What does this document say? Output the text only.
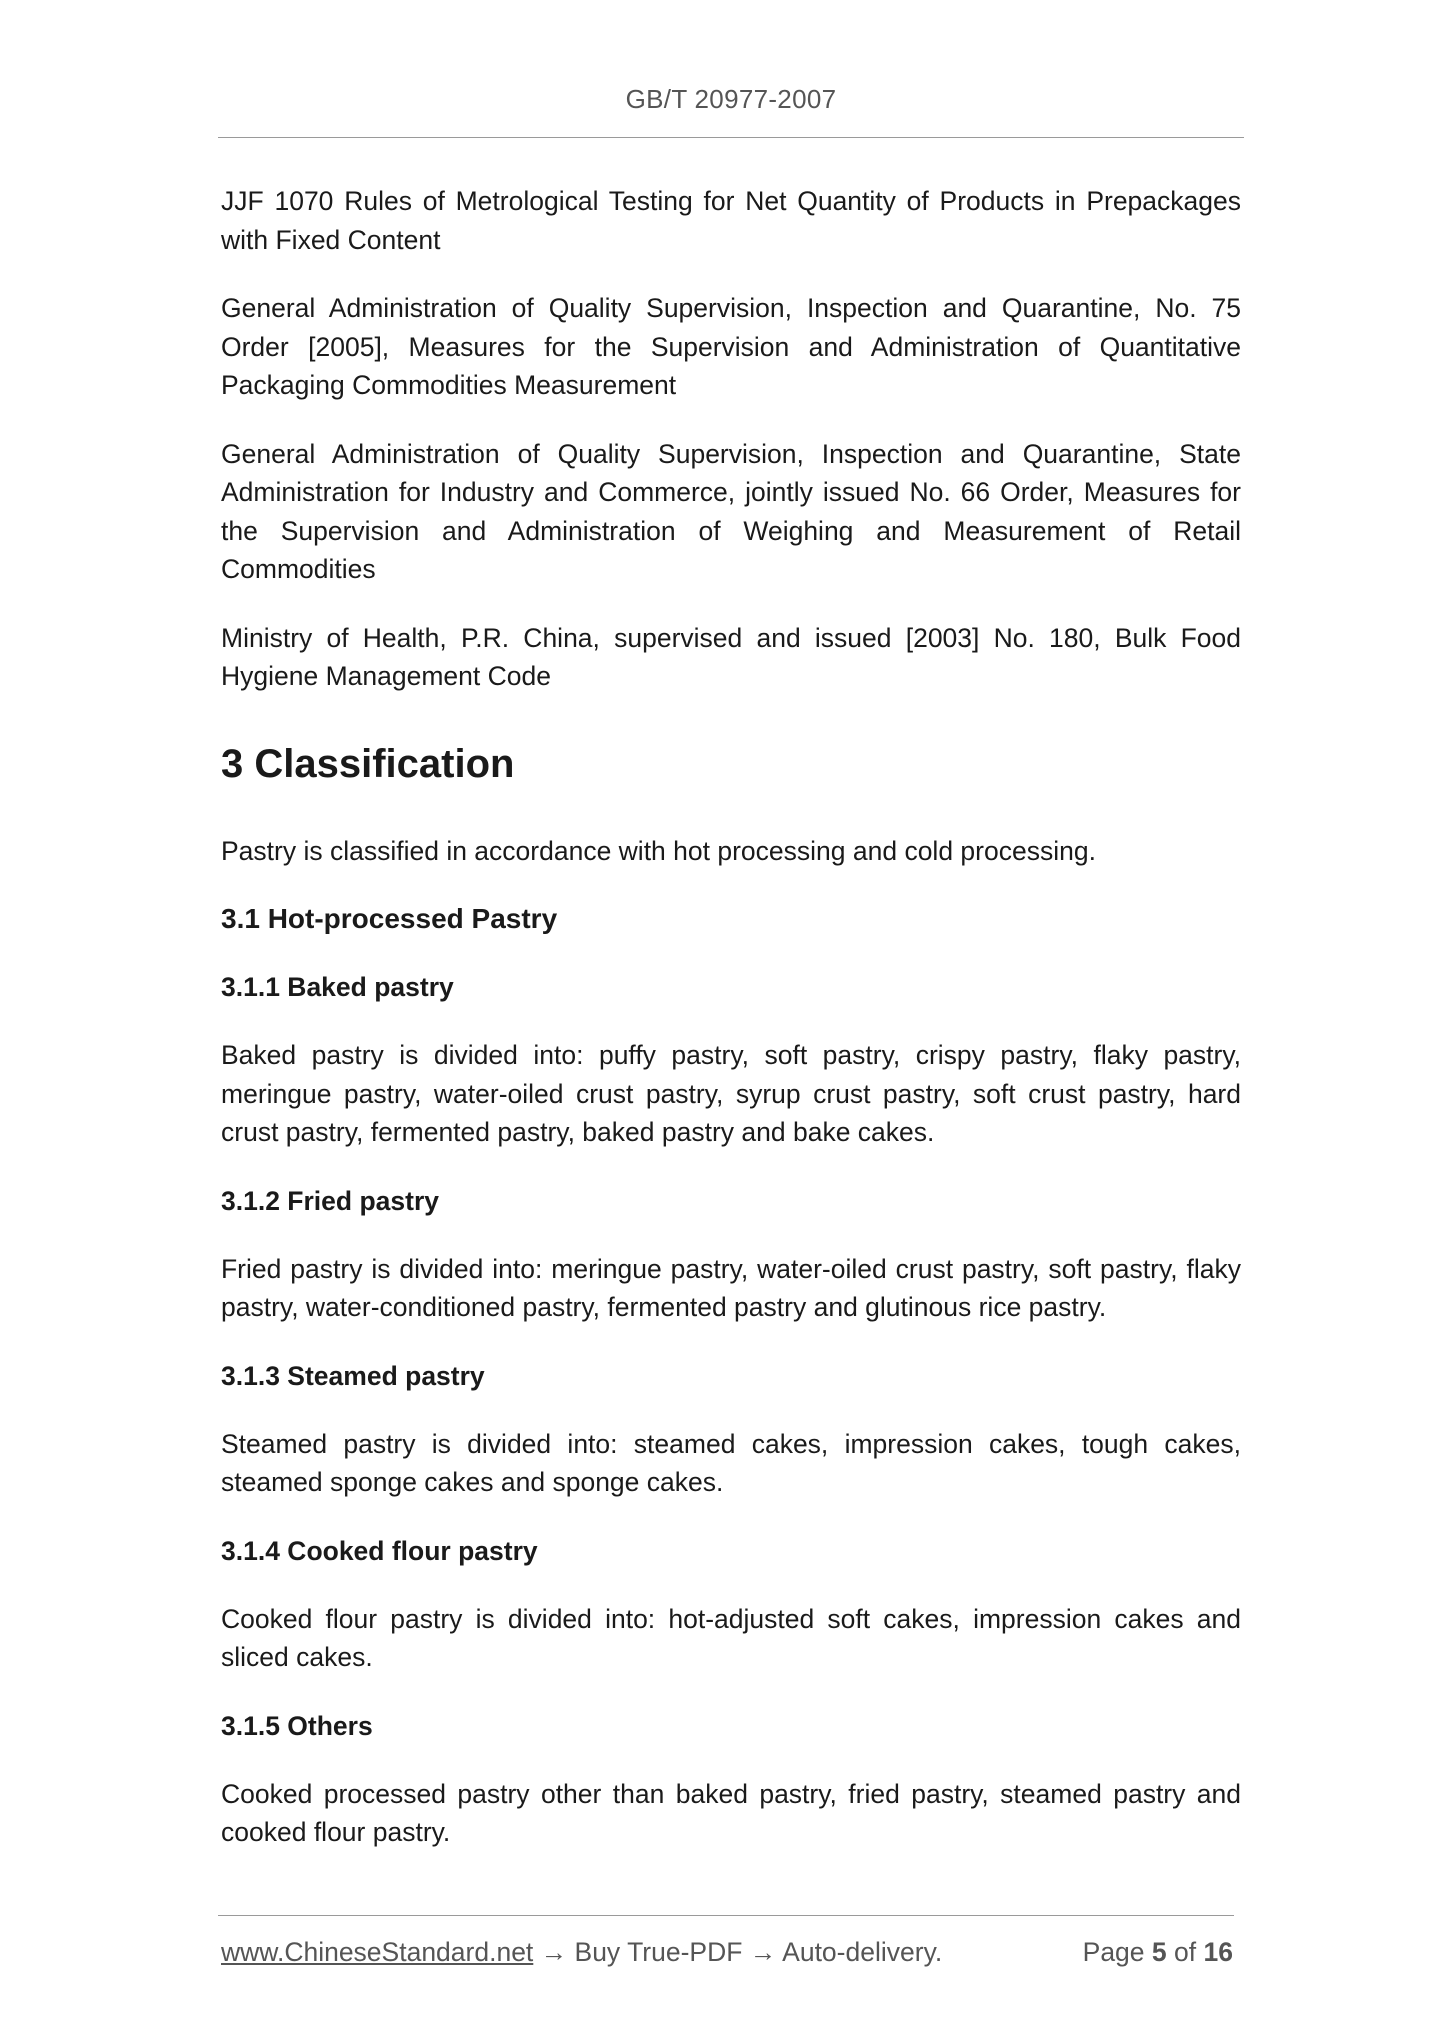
GB/T 20977-2007

JJF 1070 Rules of Metrological Testing for Net Quantity of Products in Prepackages with Fixed Content

General Administration of Quality Supervision, Inspection and Quarantine, No. 75 Order [2005], Measures for the Supervision and Administration of Quantitative Packaging Commodities Measurement

General Administration of Quality Supervision, Inspection and Quarantine, State Administration for Industry and Commerce, jointly issued No. 66 Order, Measures for the Supervision and Administration of Weighing and Measurement of Retail Commodities

Ministry of Health, P.R. China, supervised and issued [2003] No. 180, Bulk Food Hygiene Management Code

3 Classification

Pastry is classified in accordance with hot processing and cold processing.

3.1 Hot-processed Pastry
3.1.1 Baked pastry

Baked pastry is divided into: puffy pastry, soft pastry, crispy pastry, flaky pastry, meringue pastry, water-oiled crust pastry, syrup crust pastry, soft crust pastry, hard crust pastry, fermented pastry, baked pastry and bake cakes.

3.1.2 Fried pastry

Fried pastry is divided into: meringue pastry, water-oiled crust pastry, soft pastry, flaky pastry, water-conditioned pastry, fermented pastry and glutinous rice pastry.

3.1.3 Steamed pastry

Steamed pastry is divided into: steamed cakes, impression cakes, tough cakes, steamed sponge cakes and sponge cakes.

3.1.4 Cooked flour pastry

Cooked flour pastry is divided into: hot-adjusted soft cakes, impression cakes and sliced cakes.

3.1.5 Others

Cooked processed pastry other than baked pastry, fried pastry, steamed pastry and cooked flour pastry.

www.ChineseStandard.net → Buy True-PDF → Auto-delivery.	Page 5 of 16
